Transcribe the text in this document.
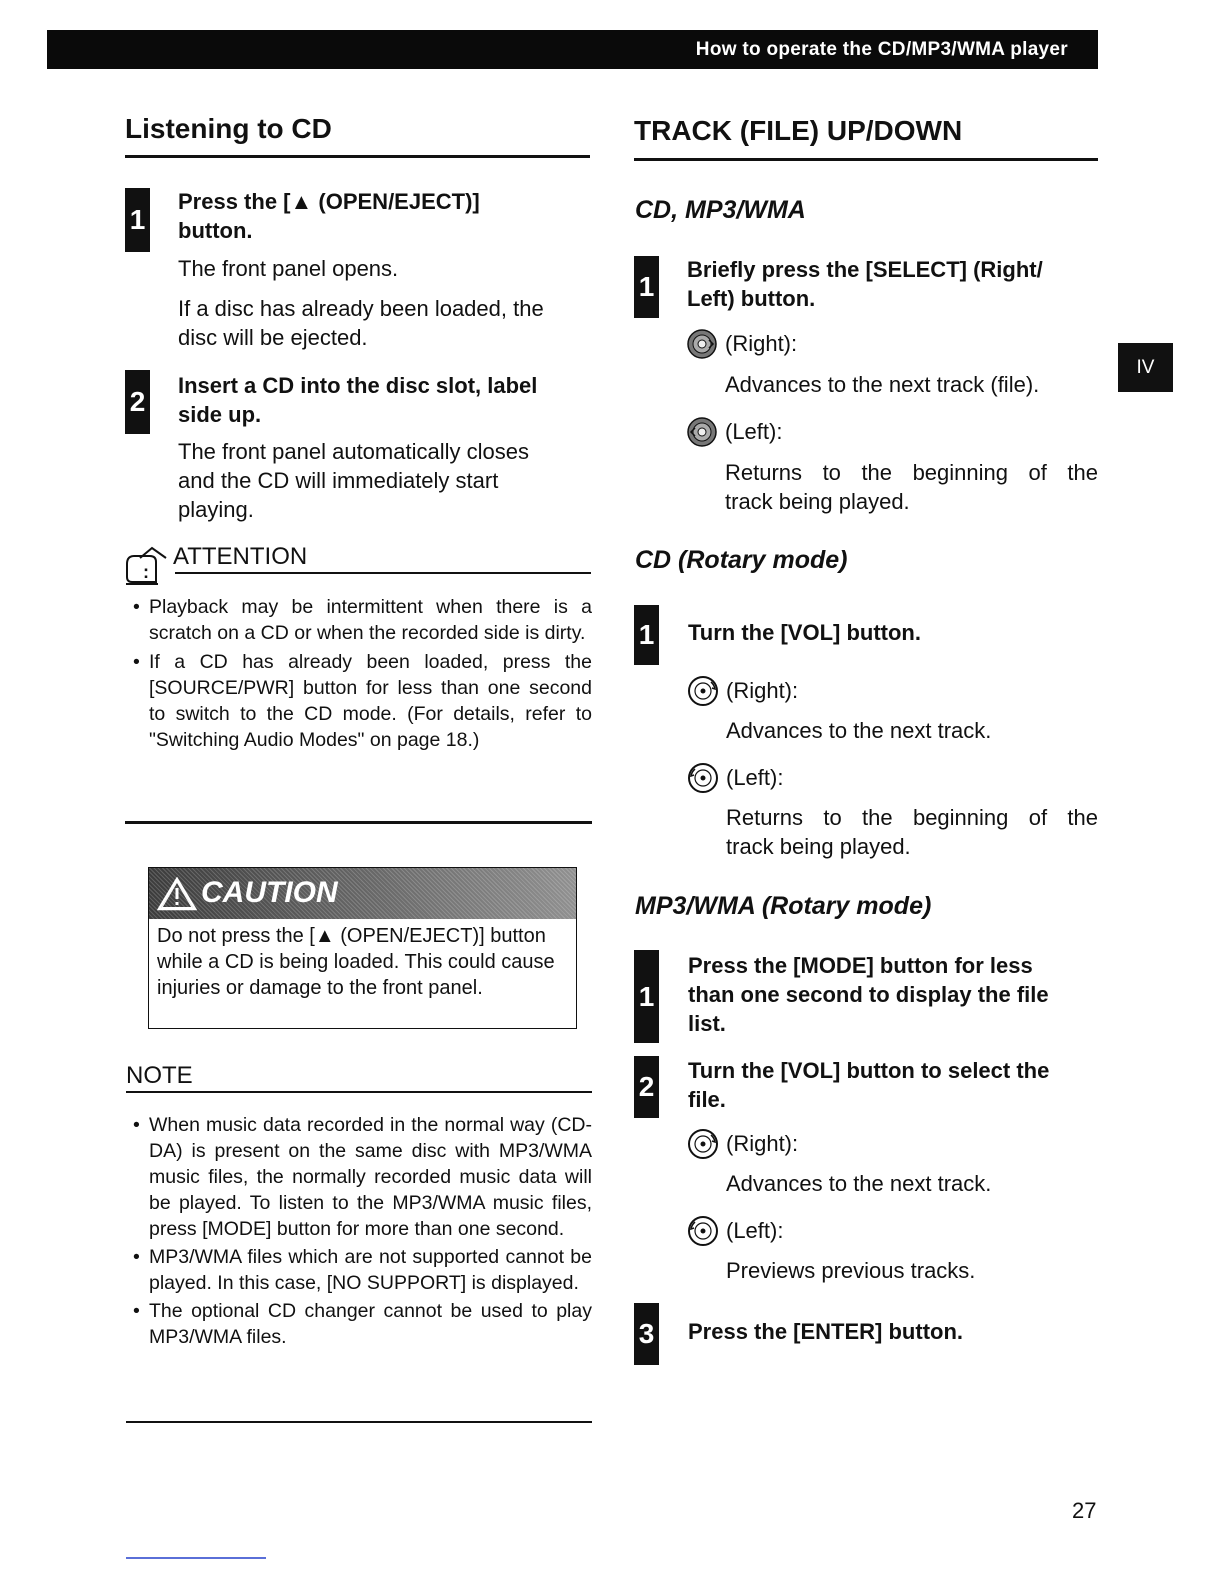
How to operate the CD/MP3/WMA player
IV
Listening to CD
1
Press the [▲ (OPEN/EJECT)]
button.
The front panel opens.
If a disc has already been loaded, the
disc will be ejected.
2
Insert a CD into the disc slot, label
side up.
The front panel automatically closes
and the CD will immediately start
playing.
:
ATTENTION
• Playback may be intermittent when there is a scratch on a CD or when the recorded side is dirty.
• If a CD has already been loaded, press the [SOURCE/PWR] button for less than one second to switch to the CD mode. (For details, refer to "Switching Audio Modes" on page 18.)
CAUTION
Do not press the [▲ (OPEN/EJECT)] button while a CD is being loaded. This could cause injuries or damage to the front panel.
NOTE
• When music data recorded in the normal way (CD-DA) is present on the same disc with MP3/WMA music files, the normally recorded music data will be played. To listen to the MP3/WMA music files, press [MODE] button for more than one second.
• MP3/WMA files which are not supported cannot be played. In this case, [NO SUPPORT] is displayed.
• The optional CD changer cannot be used to play MP3/WMA files.
TRACK (FILE) UP/DOWN
CD, MP3/WMA
1
Briefly press the [SELECT] (Right/
Left) button.
(Right):
Advances to the next track (file).
(Left):
Returns to the beginning of the
track being played.
CD (Rotary mode)
1 Turn the [VOL] button.
(Right):
Advances to the next track.
(Left):
Returns to the beginning of the
track being played.
MP3/WMA (Rotary mode)
1
Press the [MODE] button for less
than one second to display the file
list.
2
Turn the [VOL] button to select the
file.
(Right):
Advances to the next track.
(Left):
Previews previous tracks.
3 Press the [ENTER] button.
27
